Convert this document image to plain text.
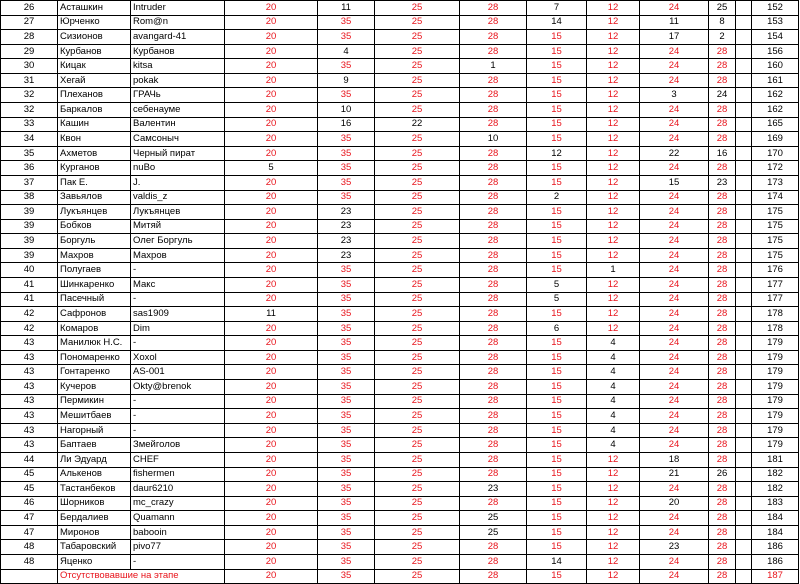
26	Асташкин	Intruder	20	11	25	28	7	12	24	25		152
27	Юрченко	Rom@n	20	35	25	28	14	12	11	8		153
28	Сизионов	avangard-41	20	35	25	28	15	12	17	2		154
29	Курбанов	Курбанов	20	4	25	28	15	12	24	28		156
30	Кицак	kitsa	20	35	25	1	15	12	24	28		160
31	Хегай	pokak	20	9	25	28	15	12	24	28		161
32	Плеханов	ГРАЧь	20	35	25	28	15	12	3	24		162
32	Баркалов	себенауме	20	10	25	28	15	12	24	28		162
33	Кашин	Валентин	20	16	22	28	15	12	24	28		165
34	Квон	Самсоныч	20	35	25	10	15	12	24	28		169
35	Ахметов	Черный пират	20	35	25	28	12	12	22	16		170
36	Курганов	nuBo	5	35	25	28	15	12	24	28		172
37	Пак Е.	J.	20	35	25	28	15	12	15	23		173
38	Завьялов	valdis_z	20	35	25	28	2	12	24	28		174
39	Лукъянцев	Лукъянцев	20	23	25	28	15	12	24	28		175
39	Бобков	Митяй	20	23	25	28	15	12	24	28		175
39	Боргуль	Олег Боргуль	20	23	25	28	15	12	24	28		175
39	Махров	Махров	20	23	25	28	15	12	24	28		175
40	Полугаев	-	20	35	25	28	15	1	24	28		176
41	Шинкаренко	Макс	20	35	25	28	5	12	24	28		177
41	Пасечный	-	20	35	25	28	5	12	24	28		177
42	Сафронов	sas1909	11	35	25	28	15	12	24	28		178
42	Комаров	Dim	20	35	25	28	6	12	24	28		178
43	Манилюк Н.С.	-	20	35	25	28	15	4	24	28		179
43	Пономаренко	Xoxol	20	35	25	28	15	4	24	28		179
43	Гонтаренко	AS-001	20	35	25	28	15	4	24	28		179
43	Кучеров	Okty@brenok	20	35	25	28	15	4	24	28		179
43	Пермикин	-	20	35	25	28	15	4	24	28		179
43	Мешитбаев	-	20	35	25	28	15	4	24	28		179
43	Нагорный	-	20	35	25	28	15	4	24	28		179
43	Баптаев	Змейголов	20	35	25	28	15	4	24	28		179
44	Ли Эдуард	CHEF	20	35	25	28	15	12	18	28		181
45	Алькенов	fishermen	20	35	25	28	15	12	21	26		182
45	Тастанбеков	daur6210	20	35	25	23	15	12	24	28		182
46	Шорников	mc_crazy	20	35	25	28	15	12	20	28		183
47	Бердалиев	Quamann	20	35	25	25	15	12	24	28		184
47	Миронов	babooin	20	35	25	25	15	12	24	28		184
48	Табаровский	pivo77	20	35	25	28	15	12	23	28		186
48	Яценко	-	20	35	25	28	14	12	24	28		186
	Отсутствовавшие на этапе		20	35	25	28	15	12	24	28		187
